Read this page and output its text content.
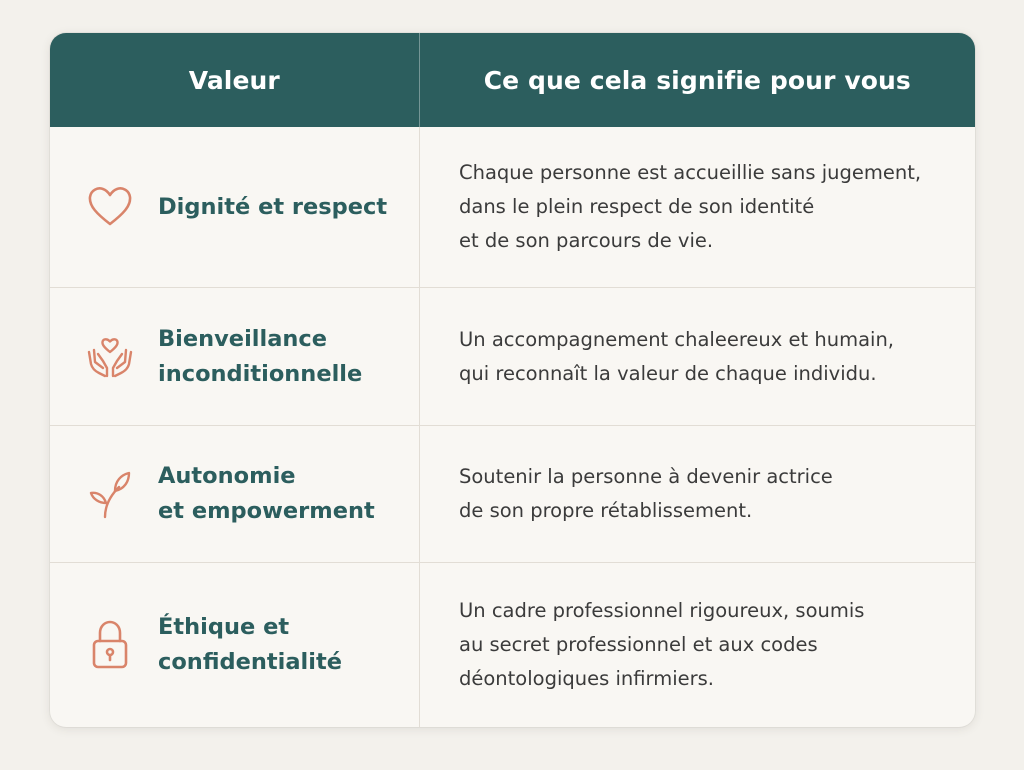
Valeur	Ce que cela signifie pour vous
Dignité et respect
Chaque personne est accueillie sans jugement,
dans le plein respect de son identité
et de son parcours de vie.
Bienveillance
inconditionnelle
Un accompagnement chaleereux et humain,
qui reconnaît la valeur de chaque individu.
Autonomie
et empowerment
Soutenir la personne à devenir actrice
de son propre rétablissement.
Éthique et
confidentialité
Un cadre professionnel rigoureux, soumis
au secret professionnel et aux codes
déontologiques infirmiers.
